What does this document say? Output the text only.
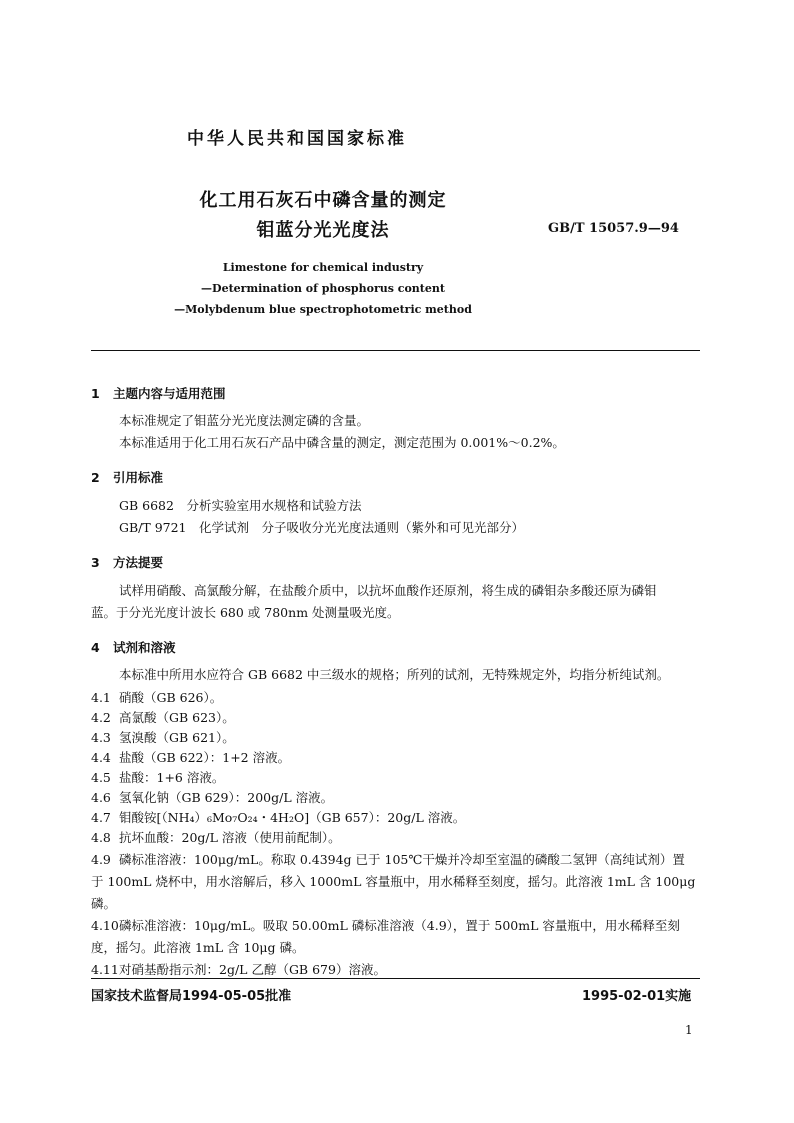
中华人民共和国国家标准
化工用石灰石中磷含量的测定
钼蓝分光光度法	GB/T 15057.9—94
Limestone for chemical industry
—Determination of phosphorus content
—Molybdenum blue spectrophotometric method
1 主题内容与适用范围
本标准规定了钼蓝分光光度法测定磷的含量。
本标准适用于化工用石灰石产品中磷含量的测定，测定范围为 0.001%～0.2%。
2 引用标准
GB 6682　分析实验室用水规格和试验方法
GB/T 9721　化学试剂　分子吸收分光光度法通则（紫外和可见光部分）
3 方法提要
试样用硝酸、高氯酸分解，在盐酸介质中，以抗坏血酸作还原剂，将生成的磷钼杂多酸还原为磷钼
蓝。于分光光度计波长 680 或 780nm 处测量吸光度。
4 试剂和溶液
本标准中所用水应符合 GB 6682 中三级水的规格；所列的试剂，无特殊规定外，均指分析纯试剂。
4.1 硝酸（GB 626）。
4.2 高氯酸（GB 623）。
4.3 氢溴酸（GB 621）。
4.4 盐酸（GB 622）：1+2 溶液。
4.5 盐酸：1+6 溶液。
4.6 氢氧化钠（GB 629）：200g/L 溶液。
4.7 钼酸铵[（NH₄）₆Mo₇O₂₄・4H₂O]（GB 657）：20g/L 溶液。
4.8 抗坏血酸：20g/L 溶液（使用前配制）。
4.9 磷标准溶液：100μg/mL。称取 0.4394g 已于 105℃干燥并冷却至室温的磷酸二氢钾（高纯试剂）置
于 100mL 烧杯中，用水溶解后，移入 1000mL 容量瓶中，用水稀释至刻度，摇匀。此溶液 1mL 含 100μg
磷。
4.10磷标准溶液：10μg/mL。吸取 50.00mL 磷标准溶液（4.9），置于 500mL 容量瓶中，用水稀释至刻
度，摇匀。此溶液 1mL 含 10μg 磷。
国家技术监督局1994-05-05批准	1995-02-01实施
1
4.11对硝基酚指示剂：2g/L 乙醇（GB 679）溶液。
